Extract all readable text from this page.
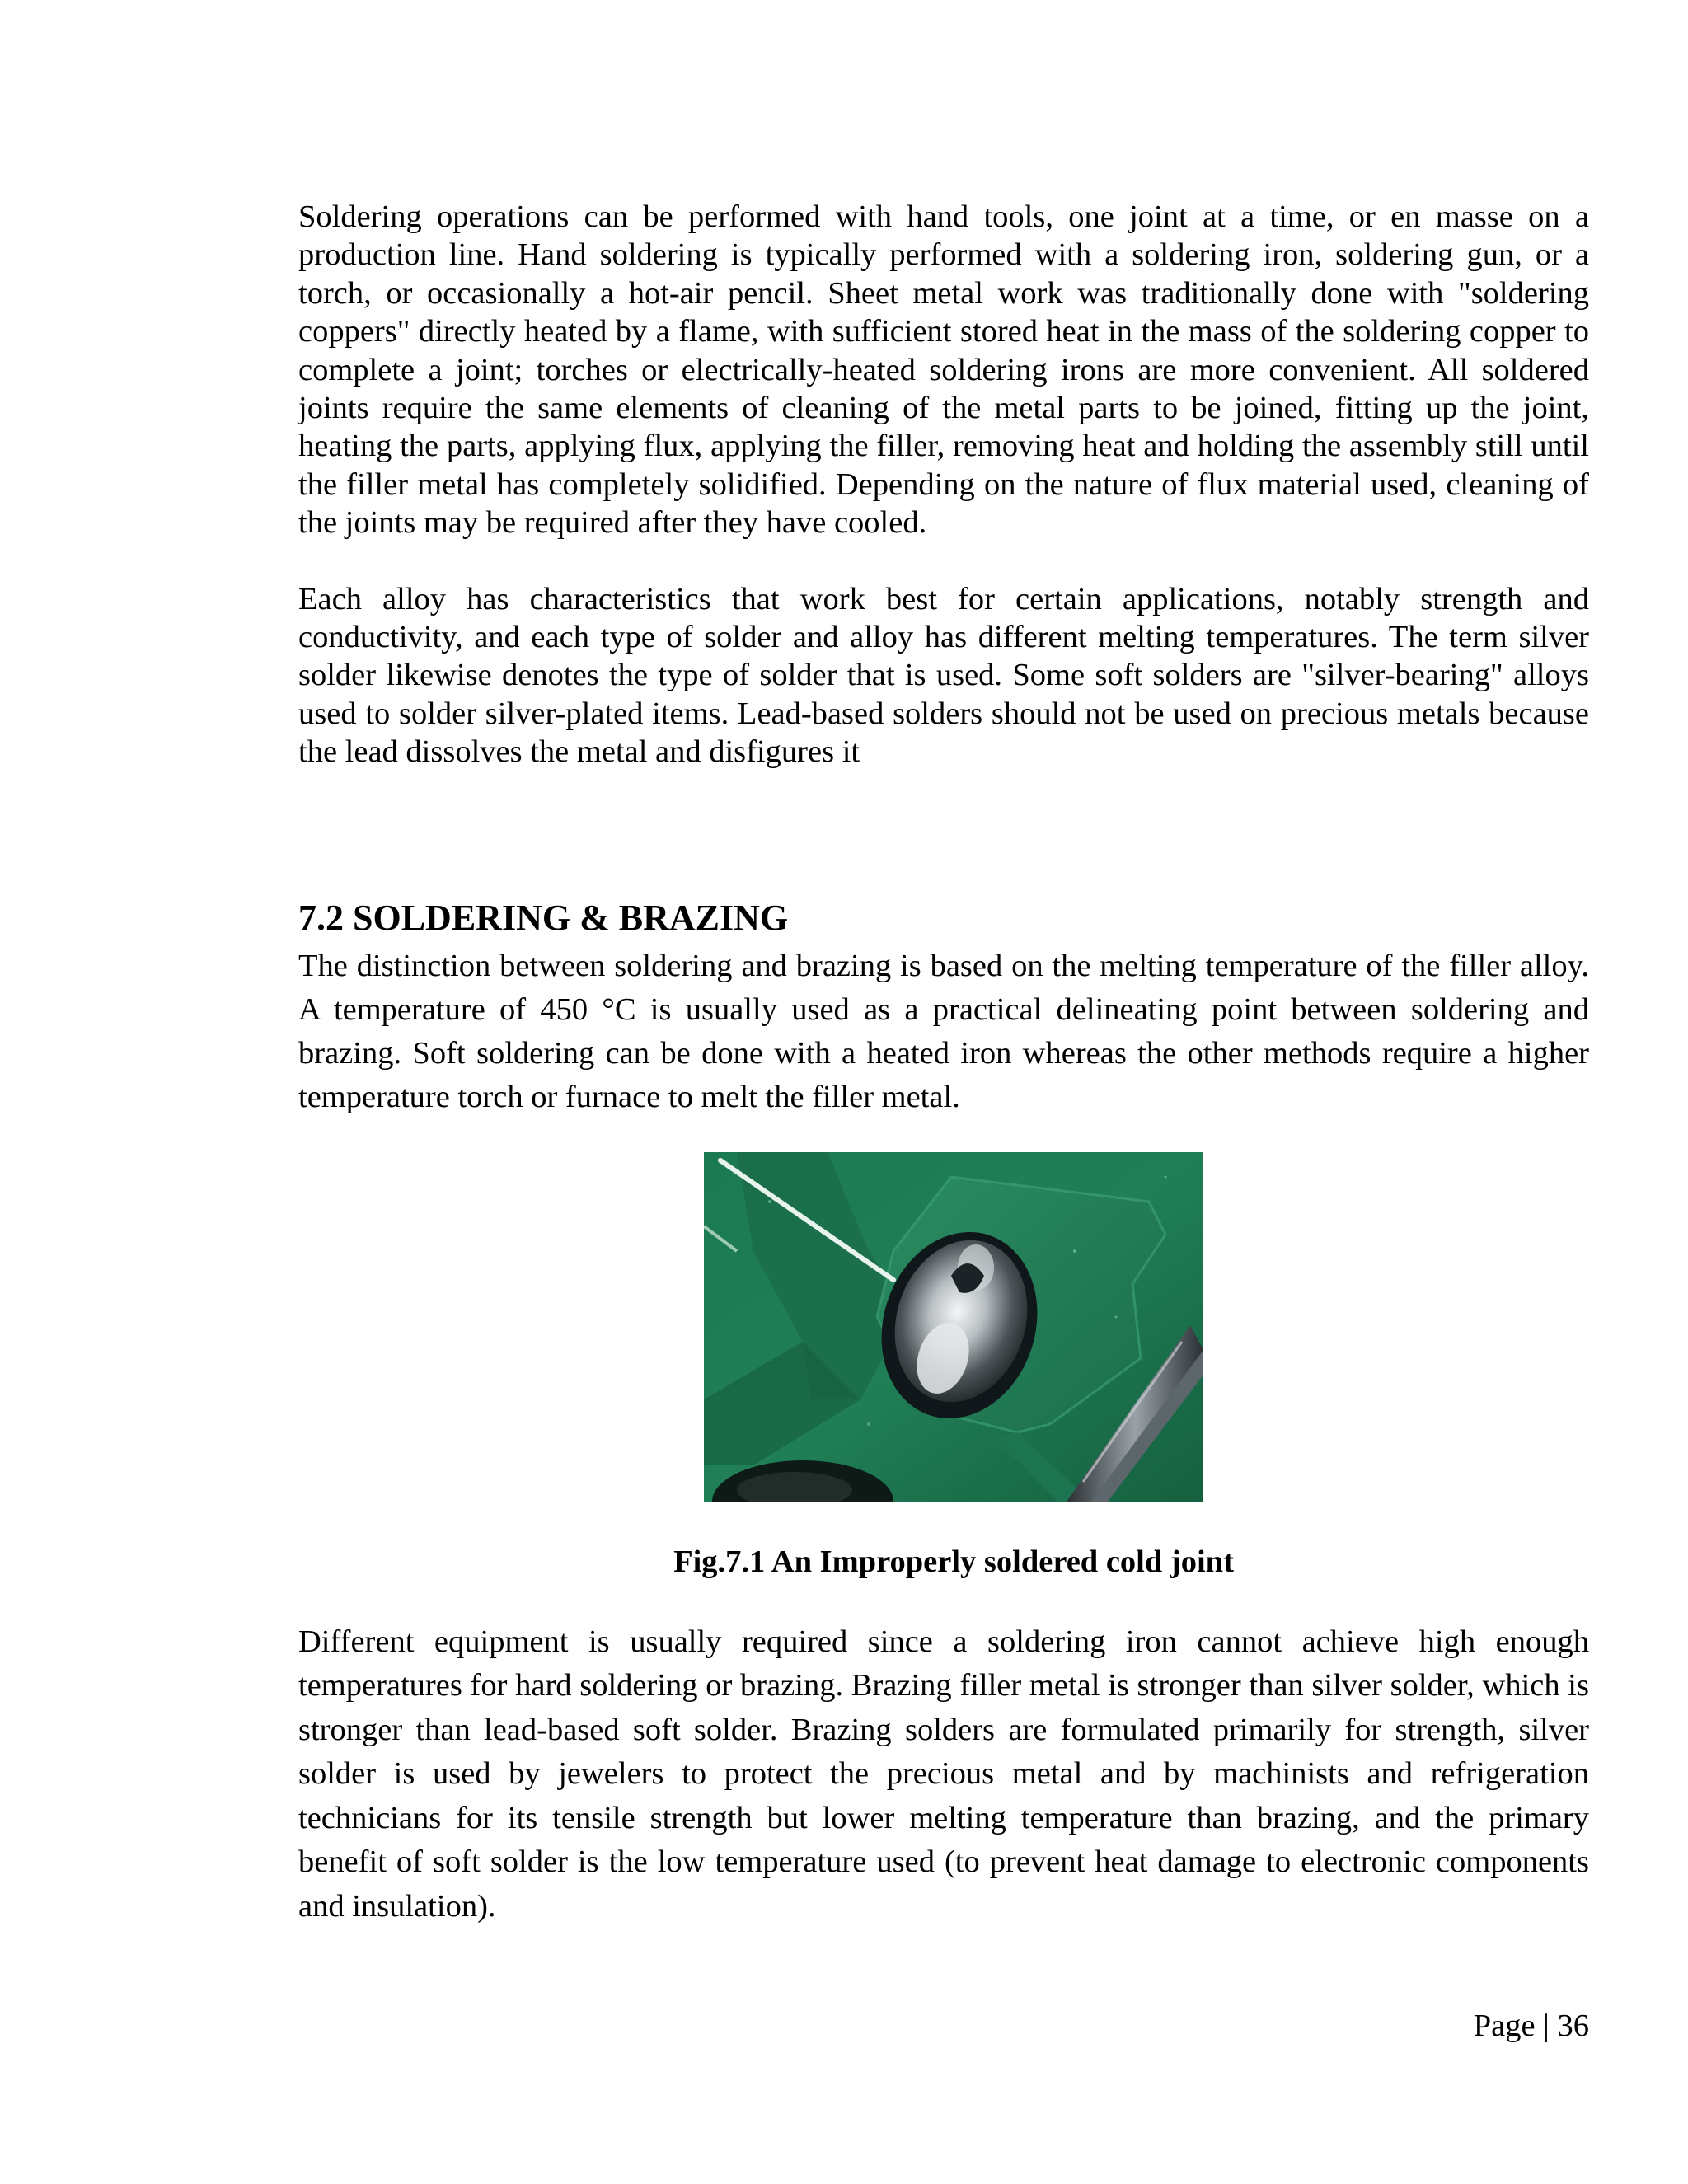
Soldering operations can be performed with hand tools, one joint at a time, or en masse on a production line. Hand soldering is typically performed with a soldering iron, soldering gun, or a torch, or occasionally a hot-air pencil. Sheet metal work was traditionally done with "soldering coppers" directly heated by a flame, with sufficient stored heat in the mass of the soldering copper to complete a joint; torches or electrically-heated soldering irons are more convenient. All soldered joints require the same elements of cleaning of the metal parts to be joined, fitting up the joint, heating the parts, applying flux, applying the filler, removing heat and holding the assembly still until the filler metal has completely solidified. Depending on the nature of flux material used, cleaning of the joints may be required after they have cooled.

Each alloy has characteristics that work best for certain applications, notably strength and conductivity, and each type of solder and alloy has different melting temperatures. The term silver solder likewise denotes the type of solder that is used. Some soft solders are "silver-bearing" alloys used to solder silver-plated items. Lead-based solders should not be used on precious metals because the lead dissolves the metal and disfigures it

7.2 SOLDERING & BRAZING

The distinction between soldering and brazing is based on the melting temperature of the filler alloy. A temperature of 450 °C is usually used as a practical delineating point between soldering and brazing. Soft soldering can be done with a heated iron whereas the other methods require a higher temperature torch or furnace to melt the filler metal.

Fig.7.1 An Improperly soldered cold joint

Different equipment is usually required since a soldering iron cannot achieve high enough temperatures for hard soldering or brazing. Brazing filler metal is stronger than silver solder, which is stronger than lead-based soft solder. Brazing solders are formulated primarily for strength, silver solder is used by jewelers to protect the precious metal and by machinists and refrigeration technicians for its tensile strength but lower melting temperature than brazing, and the primary benefit of soft solder is the low temperature used (to prevent heat damage to electronic components and insulation).

Page | 36
